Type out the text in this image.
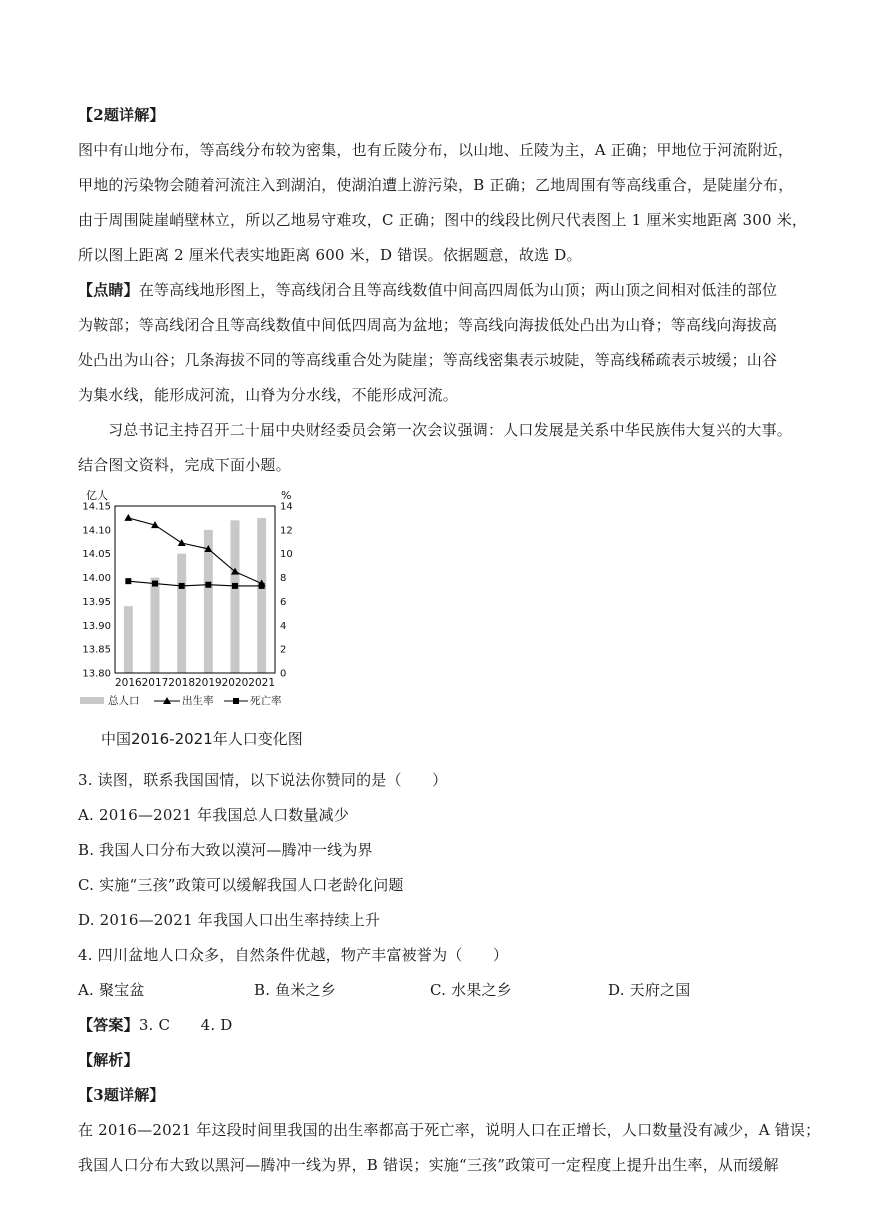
【2题详解】
图中有山地分布，等高线分布较为密集，也有丘陵分布，以山地、丘陵为主，A 正确；甲地位于河流附近，
甲地的污染物会随着河流注入到湖泊，使湖泊遭上游污染，B 正确；乙地周围有等高线重合，是陡崖分布，
由于周围陡崖峭壁林立，所以乙地易守难攻，C 正确；图中的线段比例尺代表图上 1 厘米实地距离 300 米，
所以图上距离 2 厘米代表实地距离 600 米，D 错误。依据题意，故选 D。
【点睛】在等高线地形图上，等高线闭合且等高线数值中间高四周低为山顶；两山顶之间相对低洼的部位
为鞍部；等高线闭合且等高线数值中间低四周高为盆地；等高线向海拔低处凸出为山脊；等高线向海拔高
处凸出为山谷；几条海拔不同的等高线重合处为陡崖；等高线密集表示坡陡，等高线稀疏表示坡缓；山谷
为集水线，能形成河流，山脊为分水线，不能形成河流。
习总书记主持召开二十届中央财经委员会第一次会议强调：人口发展是关系中华民族伟大复兴的大事。
结合图文资料，完成下面小题。
14.15
14.10
14.05
14.00
13.95
13.90
13.85
13.80
14
12
10
8
6
4
2
0
亿人	%
2016 2017 2018 2019 2020 2021
总人口	出生率	死亡率
中国2016-2021年人口变化图
3. 读图，联系我国国情，以下说法你赞同的是（　　）
A. 2016—2021 年我国总人口数量减少
B. 我国人口分布大致以漠河—腾冲一线为界
C. 实施“三孩”政策可以缓解我国人口老龄化问题
D. 2016—2021 年我国人口出生率持续上升
4. 四川盆地人口众多，自然条件优越，物产丰富被誉为（　　）
A. 聚宝盆	B. 鱼米之乡	C. 水果之乡	D. 天府之国
【答案】3. C　　4. D
【解析】
【3题详解】
在 2016—2021 年这段时间里我国的出生率都高于死亡率，说明人口在正增长，人口数量没有减少，A 错误；
我国人口分布大致以黑河—腾冲一线为界，B 错误；实施“三孩”政策可一定程度上提升出生率，从而缓解
